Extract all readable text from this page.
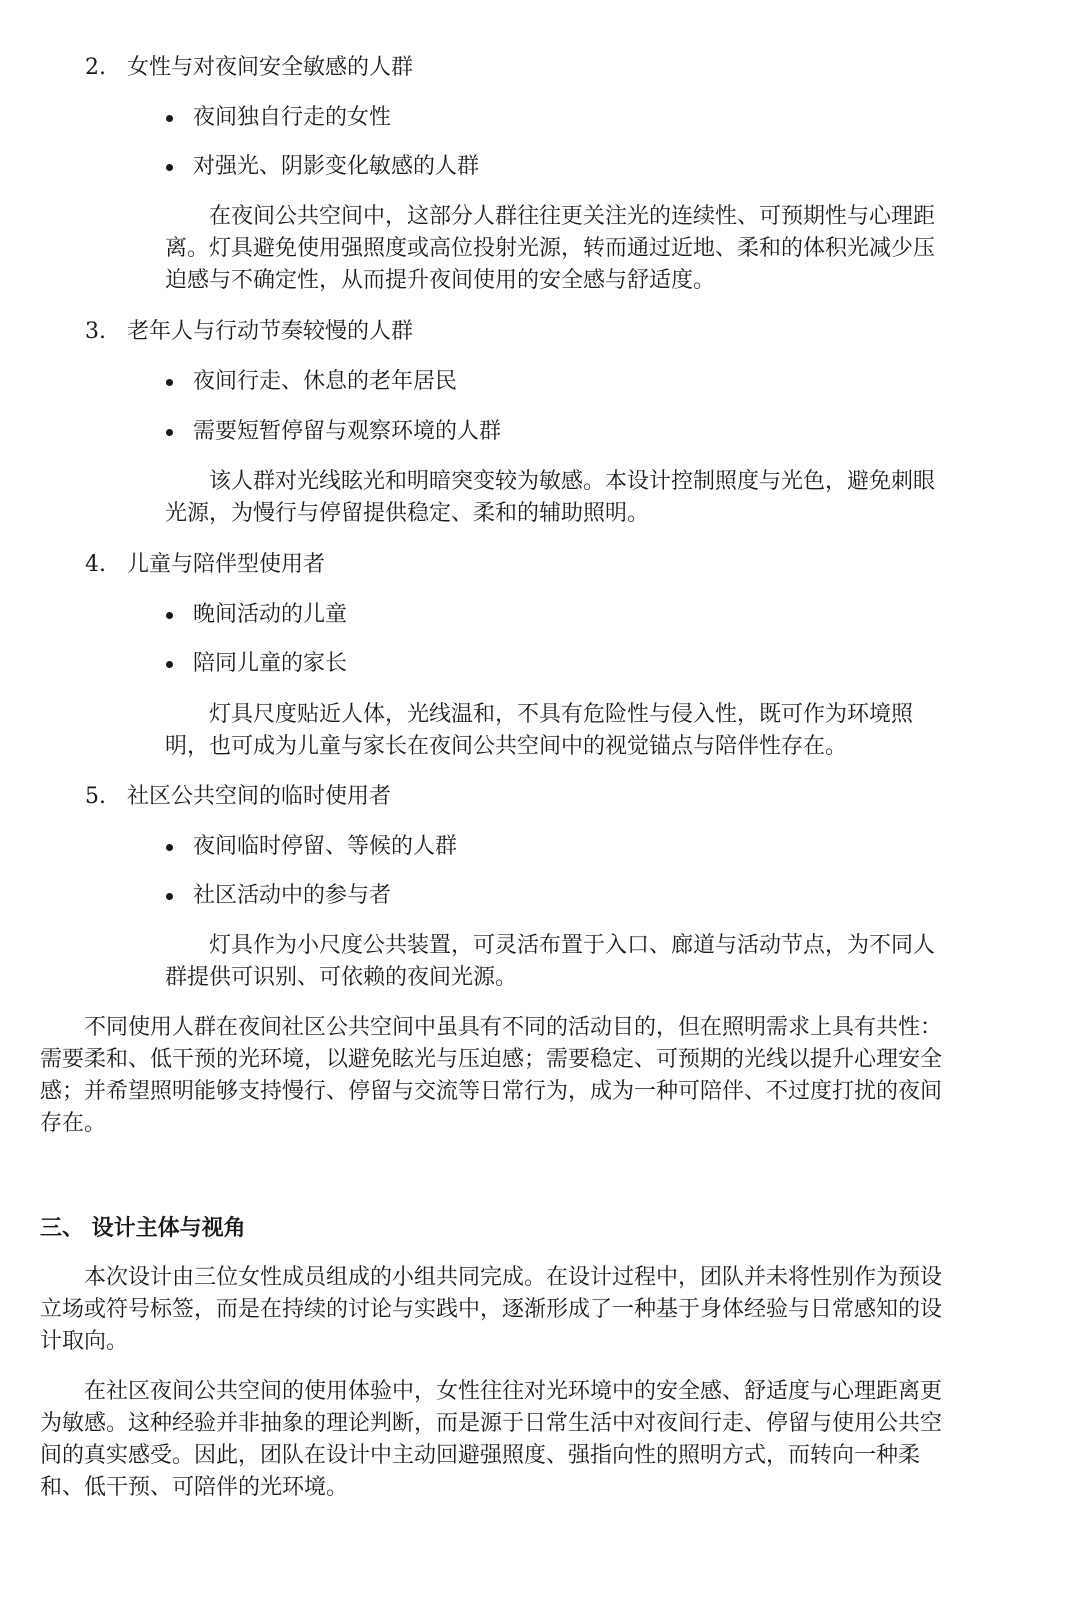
2. 女性与对夜间安全敏感的人群
夜间独自行走的女性
对强光、阴影变化敏感的人群
在夜间公共空间中，这部分人群往往更关注光的连续性、可预期性与心理距
离。灯具避免使用强照度或高位投射光源，转而通过近地、柔和的体积光减少压
迫感与不确定性，从而提升夜间使用的安全感与舒适度。
3. 老年人与行动节奏较慢的人群
夜间行走、休息的老年居民
需要短暂停留与观察环境的人群
该人群对光线眩光和明暗突变较为敏感。本设计控制照度与光色，避免刺眼
光源，为慢行与停留提供稳定、柔和的辅助照明。
4. 儿童与陪伴型使用者
晚间活动的儿童
陪同儿童的家长
灯具尺度贴近人体，光线温和，不具有危险性与侵入性，既可作为环境照
明，也可成为儿童与家长在夜间公共空间中的视觉锚点与陪伴性存在。
5. 社区公共空间的临时使用者
夜间临时停留、等候的人群
社区活动中的参与者
灯具作为小尺度公共装置，可灵活布置于入口、廊道与活动节点，为不同人
群提供可识别、可依赖的夜间光源。
不同使用人群在夜间社区公共空间中虽具有不同的活动目的，但在照明需求上具有共性：
需要柔和、低干预的光环境，以避免眩光与压迫感；需要稳定、可预期的光线以提升心理安全
感；并希望照明能够支持慢行、停留与交流等日常行为，成为一种可陪伴、不过度打扰的夜间
存在。
三、 设计主体与视角
本次设计由三位女性成员组成的小组共同完成。在设计过程中，团队并未将性别作为预设
立场或符号标签，而是在持续的讨论与实践中，逐渐形成了一种基于身体经验与日常感知的设
计取向。
在社区夜间公共空间的使用体验中，女性往往对光环境中的安全感、舒适度与心理距离更
为敏感。这种经验并非抽象的理论判断，而是源于日常生活中对夜间行走、停留与使用公共空
间的真实感受。因此，团队在设计中主动回避强照度、强指向性的照明方式，而转向一种柔
和、低干预、可陪伴的光环境。
